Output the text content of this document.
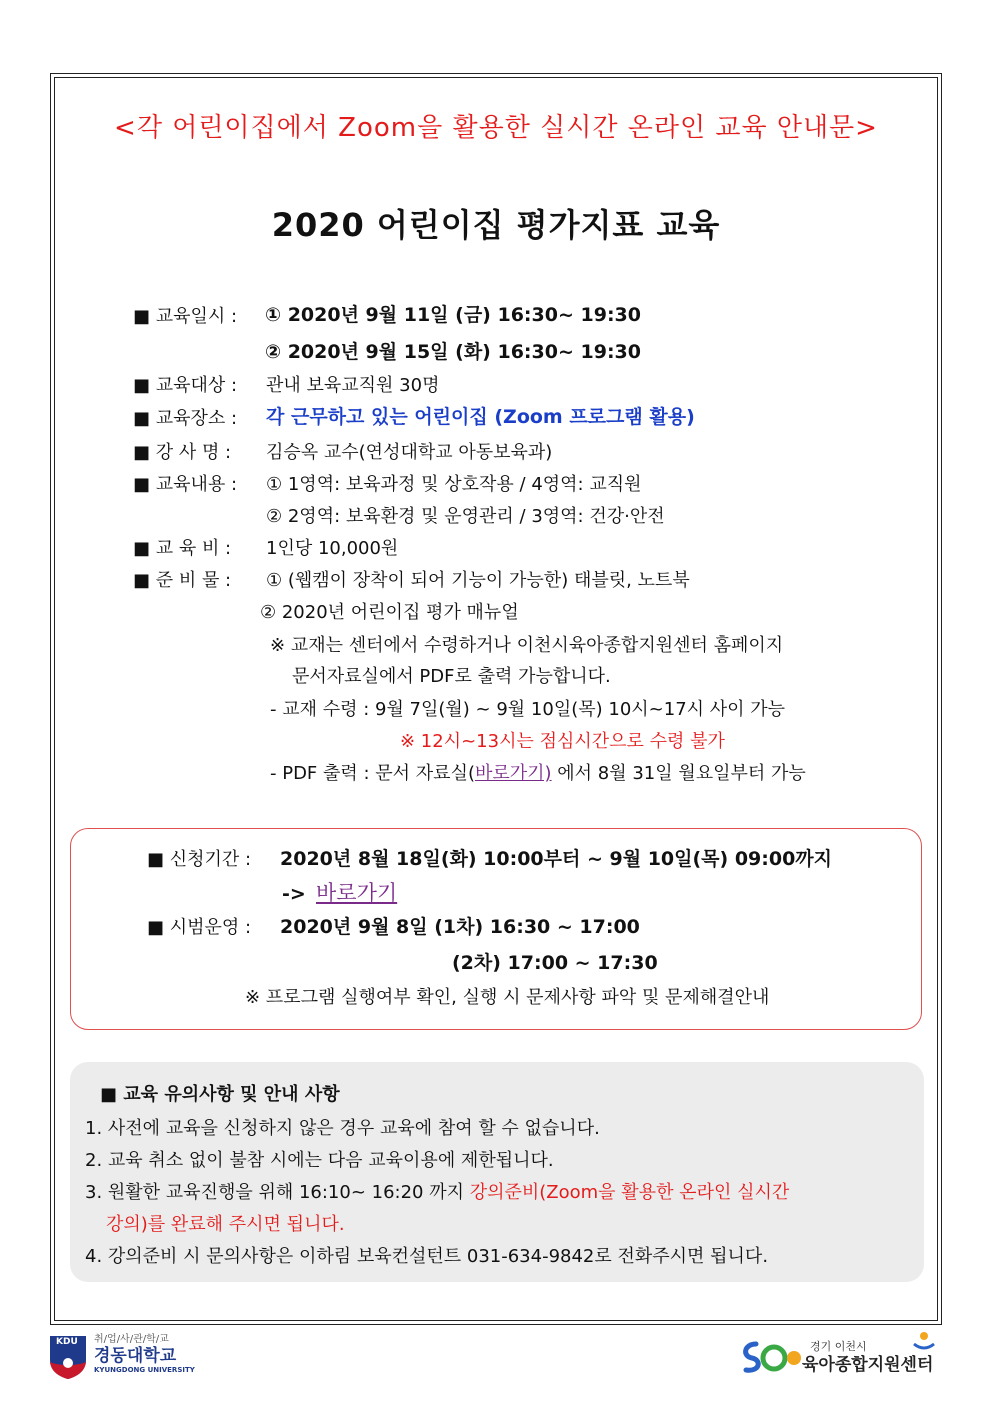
<각 어린이집에서 Zoom을 활용한 실시간 온라인 교육 안내문>
2020 어린이집 평가지표 교육
■ 교육일시 : ① 2020년 9월 11일 (금) 16:30~ 19:30
② 2020년 9월 15일 (화) 16:30~ 19:30
■ 교육대상 : 관내 보육교직원 30명
■ 교육장소 : 각 근무하고 있는 어린이집 (Zoom 프로그램 활용)
■ 강 사 명 : 김승옥 교수(연성대학교 아동보육과)
■ 교육내용 : ① 1영역: 보육과정 및 상호작용 / 4영역: 교직원
② 2영역: 보육환경 및 운영관리 / 3영역: 건강·안전
■ 교 육 비 : 1인당 10,000원
■ 준 비 물 : ① (웹캠이 장착이 되어 기능이 가능한) 태블릿, 노트북
② 2020년 어린이집 평가 매뉴얼
※ 교재는 센터에서 수령하거나 이천시육아종합지원센터 홈페이지
문서자료실에서 PDF로 출력 가능합니다.
- 교재 수령 : 9월 7일(월) ~ 9월 10일(목) 10시~17시 사이 가능
※ 12시~13시는 점심시간으로 수령 불가
- PDF 출력 : 문서 자료실(바로가기) 에서 8월 31일 월요일부터 가능
■ 신청기간 : 2020년 8월 18일(화) 10:00부터 ~ 9월 10일(목) 09:00까지
-> 바로가기
■ 시범운영 : 2020년 9월 8일 (1차) 16:30 ~ 17:00
(2차) 17:00 ~ 17:30
※ 프로그램 실행여부 확인, 실행 시 문제사항 파악 및 문제해결안내
■ 교육 유의사항 및 안내 사항
1. 사전에 교육을 신청하지 않은 경우 교육에 참여 할 수 없습니다.
2. 교육 취소 없이 불참 시에는 다음 교육이용에 제한됩니다.
3. 원활한 교육진행을 위해 16:10~ 16:20 까지 강의준비(Zoom을 활용한 온라인 실시간
강의)를 완료해 주시면 됩니다.
4. 강의준비 시 문의사항은 이하림 보육컨설턴트 031-634-9842로 전화주시면 됩니다.
KDU 취/업/사/관/학/교
경동대학교
KYUNGDONG UNIVERSITY
경기 이천시
육아종합지원센터
